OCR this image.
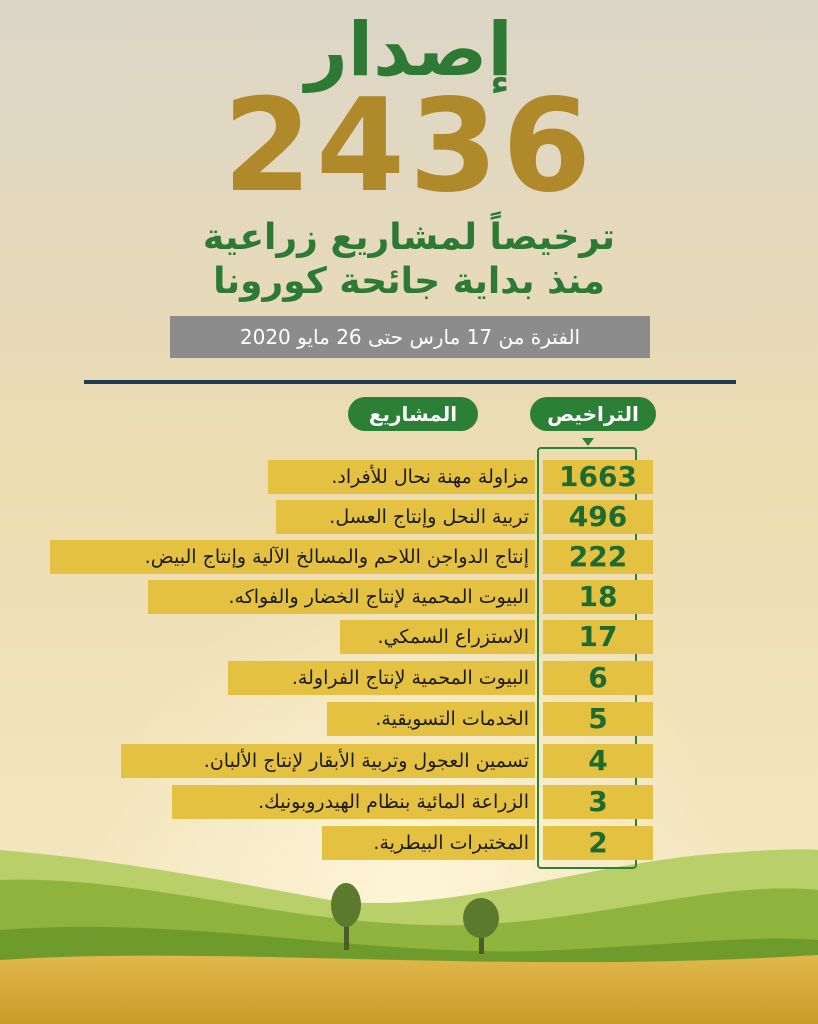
إصدار
2436
ترخيصاً لمشاريع زراعية
منذ بداية جائحة كورونا
الفترة من 17 مارس حتى 26 مايو 2020
التراخيص
المشاريع
1663
مزاولة مهنة نحال للأفراد.
496
تربية النحل وإنتاج العسل.
222
إنتاج الدواجن اللاحم والمسالخ الآلية وإنتاج البيض.
18
البيوت المحمية لإنتاج الخضار والفواكه.
17
الاستزراع السمكي.
6
البيوت المحمية لإنتاج الفراولة.
5
الخدمات التسويقية.
4
تسمين العجول وتربية الأبقار لإنتاج الألبان.
3
الزراعة المائية بنظام الهيدروبونيك.
2
المختبرات البيطرية.
